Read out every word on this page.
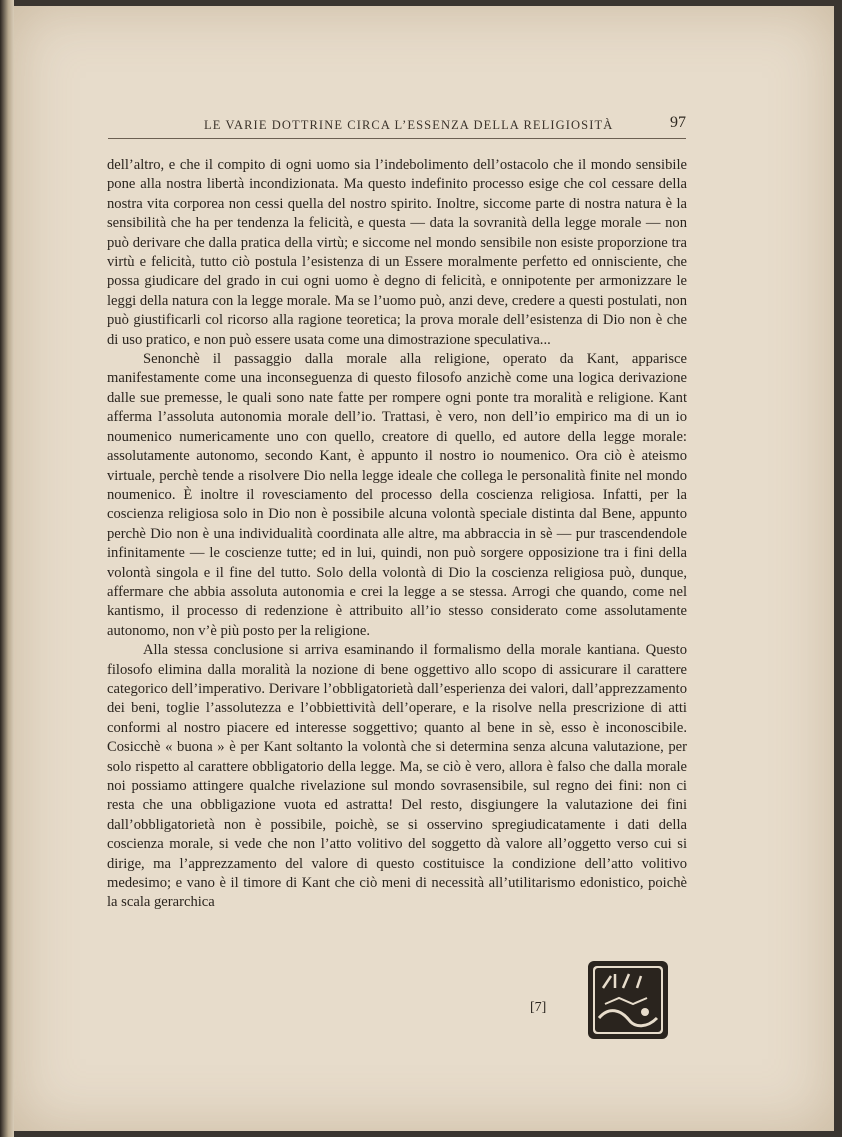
LE VARIE DOTTRINE CIRCA L’ESSENZA DELLA RELIGIOSITÀ	97

dell’altro, e che il compito di ogni uomo sia l’indebolimento dell’ostacolo che il mondo sensibile pone alla nostra libertà incondizionata. Ma questo indefinito processo esige che col cessare della nostra vita corporea non cessi quella del nostro spirito. Inoltre, siccome parte di nostra natura è la sensibilità che ha per tendenza la felicità, e questa — data la sovranità della legge morale — non può derivare che dalla pratica della virtù; e siccome nel mondo sensibile non esiste proporzione tra virtù e felicità, tutto ciò postula l’esistenza di un Essere moralmente perfetto ed onnisciente, che possa giudicare del grado in cui ogni uomo è degno di felicità, e onnipotente per armonizzare le leggi della natura con la legge morale. Ma se l’uomo può, anzi deve, credere a questi postulati, non può giustificarli col ricorso alla ragione teoretica; la prova morale dell’esistenza di Dio non è che di uso pratico, e non può essere usata come una dimostrazione speculativa...

Senonchè il passaggio dalla morale alla religione, operato da Kant, apparisce manifestamente come una inconseguenza di questo filosofo anzichè come una logica derivazione dalle sue premesse, le quali sono nate fatte per rompere ogni ponte tra moralità e religione. Kant afferma l’assoluta autonomia morale dell’io. Trattasi, è vero, non dell’io empirico ma di un io noumenico numericamente uno con quello, creatore di quello, ed autore della legge morale: assolutamente autonomo, secondo Kant, è appunto il nostro io noumenico. Ora ciò è ateismo virtuale, perchè tende a risolvere Dio nella legge ideale che collega le personalità finite nel mondo noumenico. È inoltre il rovesciamento del processo della coscienza religiosa. Infatti, per la coscienza religiosa solo in Dio non è possibile alcuna volontà speciale distinta dal Bene, appunto perchè Dio non è una individualità coordinata alle altre, ma abbraccia in sè — pur trascendendole infinitamente — le coscienze tutte; ed in lui, quindi, non può sorgere opposizione tra i fini della volontà singola e il fine del tutto. Solo della volontà di Dio la coscienza religiosa può, dunque, affermare che abbia assoluta autonomia e crei la legge a se stessa. Arrogi che quando, come nel kantismo, il processo di redenzione è attribuito all’io stesso considerato come assolutamente autonomo, non v’è più posto per la religione.

Alla stessa conclusione si arriva esaminando il formalismo della morale kantiana. Questo filosofo elimina dalla moralità la nozione di bene oggettivo allo scopo di assicurare il carattere categorico dell’imperativo. Derivare l’obbligatorietà dall’esperienza dei valori, dall’apprezzamento dei beni, toglie l’assolutezza e l’obbiettività dell’operare, e la risolve nella prescrizione di atti conformi al nostro piacere ed interesse soggettivo; quanto al bene in sè, esso è inconoscibile. Cosicchè « buona » è per Kant soltanto la volontà che si determina senza alcuna valutazione, per solo rispetto al carattere obbligatorio della legge. Ma, se ciò è vero, allora è falso che dalla morale noi possiamo attingere qualche rivelazione sul mondo sovrasensibile, sul regno dei fini: non ci resta che una obbligazione vuota ed astratta! Del resto, disgiungere la valutazione dei fini dall’obbligatorietà non è possibile, poichè, se si osservino spregiudicatamente i dati della coscienza morale, si vede che non l’atto volitivo del soggetto dà valore all’oggetto verso cui si dirige, ma l’apprezzamento del valore di questo costituisce la condizione dell’atto volitivo medesimo; e vano è il timore di Kant che ciò meni di necessità all’utilitarismo edonistico, poichè la scala gerarchica

[7]
